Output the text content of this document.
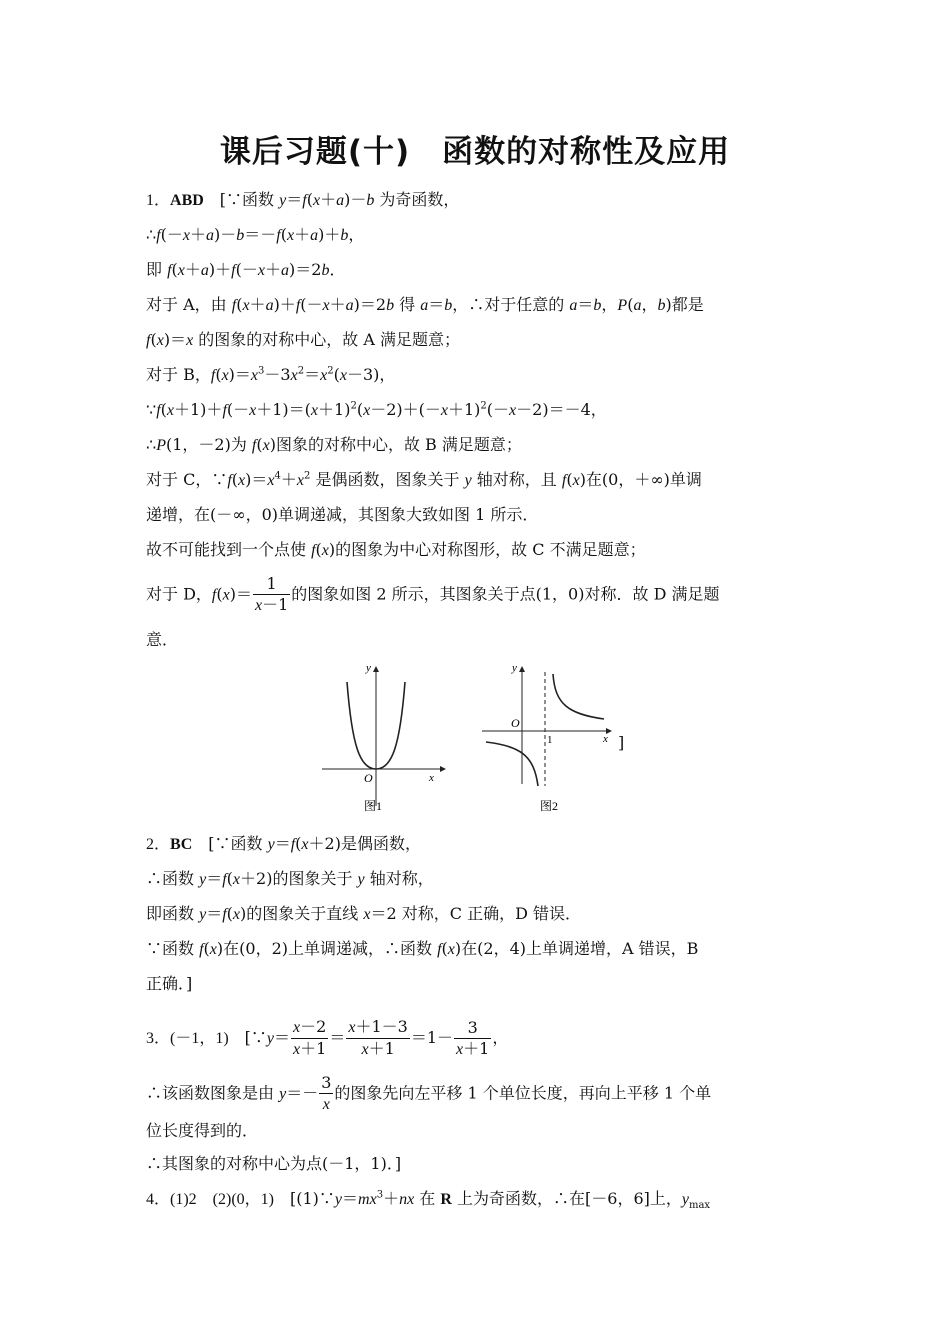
课后习题(十)　函数的对称性及应用
1．ABD　[∵函数 y＝f(x＋a)－b 为奇函数，
∴f(－x＋a)－b＝－f(x＋a)＋b，
即 f(x＋a)＋f(－x＋a)＝2b．
对于 A，由 f(x＋a)＋f(－x＋a)＝2b 得 a＝b，∴对于任意的 a＝b，P(a，b)都是
f(x)＝x 的图象的对称中心，故 A 满足题意；
对于 B，$f(x)=x^3-3x^2=x^2(x-3)$，
$\because f(x+1)+f(-x+1)=(x+1)^2(x-2)+(-x+1)^2(-x-2)=-4$，
∴P(1，－2)为 f(x)图象的对称中心，故 B 满足题意；
对于 C，$\because f(x)=x^4+x^2$ 是偶函数，图象关于 y 轴对称，且 f(x)在(0，＋∞)单调
递增，在(－∞，0)单调递减，其图象大致如图 1 所示．
故不可能找到一个点使 f(x)的图象为中心对称图形，故 C 不满足题意；
对于 D，$f(x)= \frac{1}{x-1}$ 的图象如图 2 所示，其图象关于点(1，0)对称．故 D 满足题
意．
y
x
O
图1
y
x
O
1
图2
]
2．BC　[∵函数 y＝f(x＋2)是偶函数，
∴函数 y＝f(x＋2)的图象关于 y 轴对称，
即函数 y＝f(x)的图象关于直线 x＝2 对称，C 正确，D 错误．
∵函数 f(x)在(0，2)上单调递减，∴函数 f(x)在(2，4)上单调递增，A 错误，B
正确．]
3．(－1，1)　[∵y＝ $\frac{x-2}{x+1} = \frac{x+1-3}{x+1} =1- \frac{3}{x+1}$ ，
∴该函数图象是由 $y=- \frac{3}{x}$ 的图象先向左平移 1 个单位长度，再向上平移 1 个单
位长度得到的．
∴其图象的对称中心为点(－1，1)．]
4．(1)2　(2)(0，1)　[$(1)\because y=mx^3+nx$ 在 R 上为奇函数，∴在[－6，6]上，$y_{max}$
